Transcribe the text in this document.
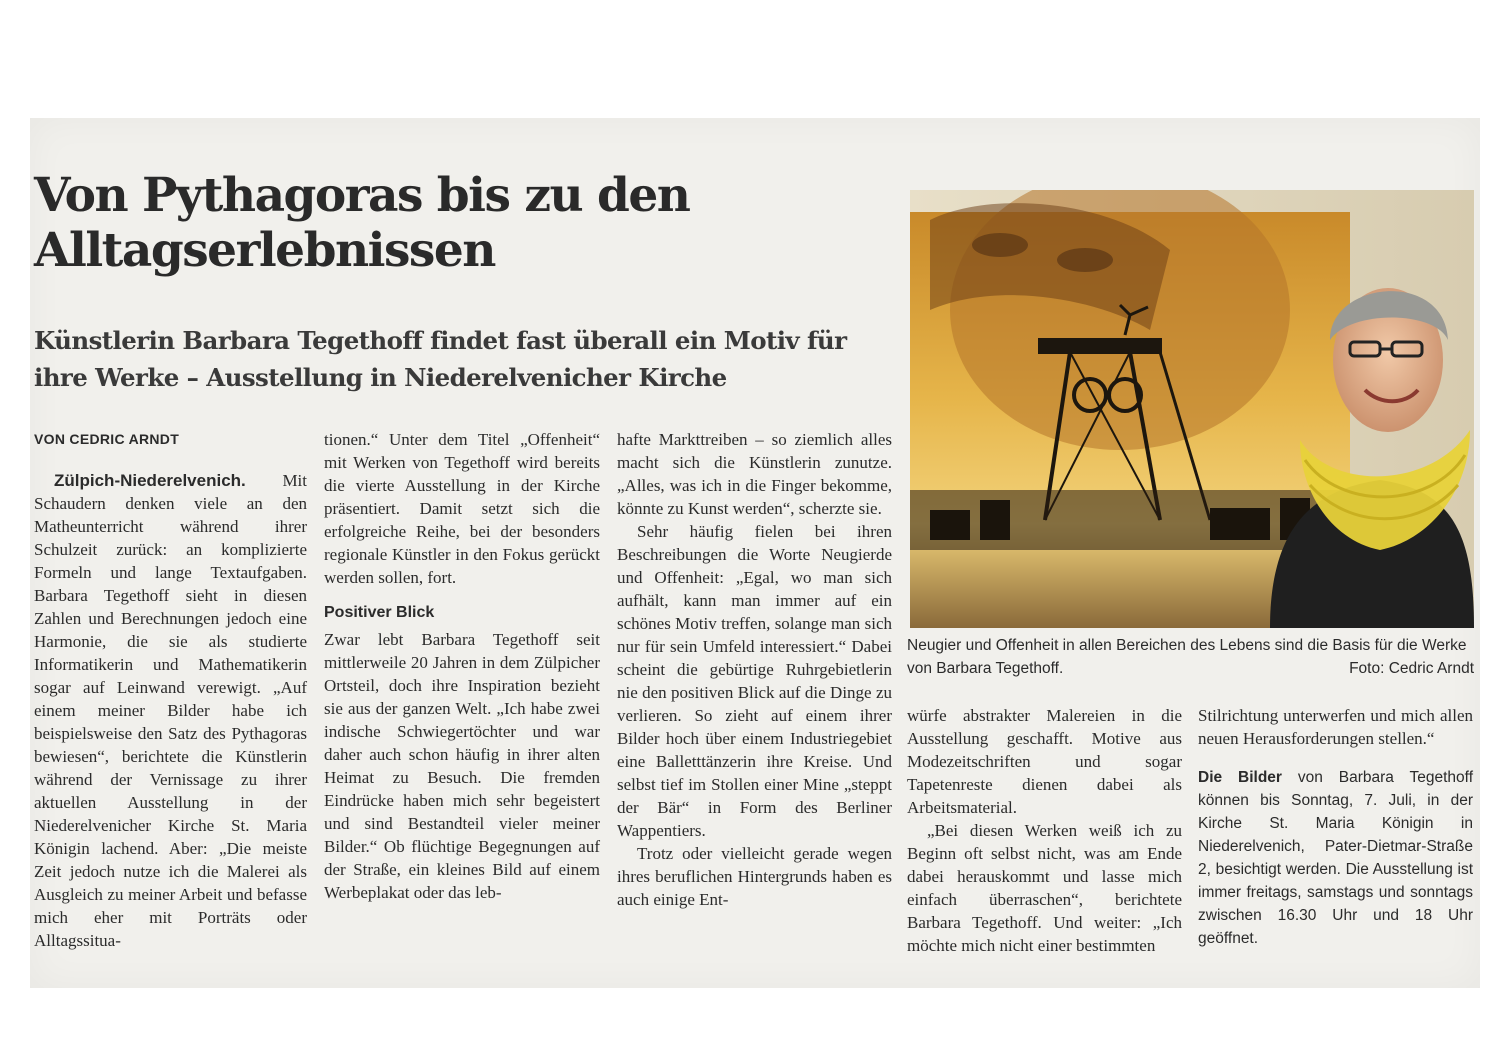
Von Pythagoras bis zu den Alltagserlebnissen
Künstlerin Barbara Tegethoff findet fast überall ein Motiv für ihre Werke – Ausstellung in Niederelvenicher Kirche

VON CEDRIC ARNDT

Zülpich-Niederelvenich. Mit Schaudern denken viele an den Matheunterricht während ihrer Schulzeit zurück: an komplizierte Formeln und lange Textaufgaben. Barbara Tegethoff sieht in diesen Zahlen und Berechnungen jedoch eine Harmonie, die sie als studierte Informatikerin und Mathematikerin sogar auf Leinwand verewigt. „Auf einem meiner Bilder habe ich beispielsweise den Satz des Pythagoras bewiesen“, berichtete die Künstlerin während der Vernissage zu ihrer aktuellen Ausstellung in der Niederelvenicher Kirche St. Maria Königin lachend. Aber: „Die meiste Zeit jedoch nutze ich die Malerei als Ausgleich zu meiner Arbeit und befasse mich eher mit Porträts oder Alltagssitua-

tionen.“ Unter dem Titel „Offenheit“ mit Werken von Tegethoff wird bereits die vierte Ausstellung in der Kirche präsentiert. Damit setzt sich die erfolgreiche Reihe, bei der besonders regionale Künstler in den Fokus gerückt werden sollen, fort.

Positiver Blick

Zwar lebt Barbara Tegethoff seit mittlerweile 20 Jahren in dem Zülpicher Ortsteil, doch ihre Inspiration bezieht sie aus der ganzen Welt. „Ich habe zwei indische Schwiegertöchter und war daher auch schon häufig in ihrer alten Heimat zu Besuch. Die fremden Eindrücke haben mich sehr begeistert und sind Bestandteil vieler meiner Bilder.“ Ob flüchtige Begegnungen auf der Straße, ein kleines Bild auf einem Werbeplakat oder das leb-

hafte Markttreiben – so ziemlich alles macht sich die Künstlerin zunutze. „Alles, was ich in die Finger bekomme, könnte zu Kunst werden“, scherzte sie.

Sehr häufig fielen bei ihren Beschreibungen die Worte Neugierde und Offenheit: „Egal, wo man sich aufhält, kann man immer auf ein schönes Motiv treffen, solange man sich nur für sein Umfeld interessiert.“ Dabei scheint die gebürtige Ruhrgebietlerin nie den positiven Blick auf die Dinge zu verlieren. So zieht auf einem ihrer Bilder hoch über einem Industriegebiet eine Balletttänzerin ihre Kreise. Und selbst tief im Stollen einer Mine „steppt der Bär“ in Form des Berliner Wappentiers.

Trotz oder vielleicht gerade wegen ihres beruflichen Hintergrunds haben es auch einige Ent-

Neugier und Offenheit in allen Bereichen des Lebens sind die Basis für die Werke von Barbara Tegethoff.	Foto: Cedric Arndt

würfe abstrakter Malereien in die Ausstellung geschafft. Motive aus Modezeitschriften und sogar Tapetenreste dienen dabei als Arbeitsmaterial.

„Bei diesen Werken weiß ich zu Beginn oft selbst nicht, was am Ende dabei herauskommt und lasse mich einfach überraschen“, berichtete Barbara Tegethoff. Und weiter: „Ich möchte mich nicht einer bestimmten

Stilrichtung unterwerfen und mich allen neuen Herausforderungen stellen.“

Die Bilder von Barbara Tegethoff können bis Sonntag, 7. Juli, in der Kirche St. Maria Königin in Niederelvenich, Pater-Dietmar-Straße 2, besichtigt werden. Die Ausstellung ist immer freitags, samstags und sonntags zwischen 16.30 Uhr und 18 Uhr geöffnet.
